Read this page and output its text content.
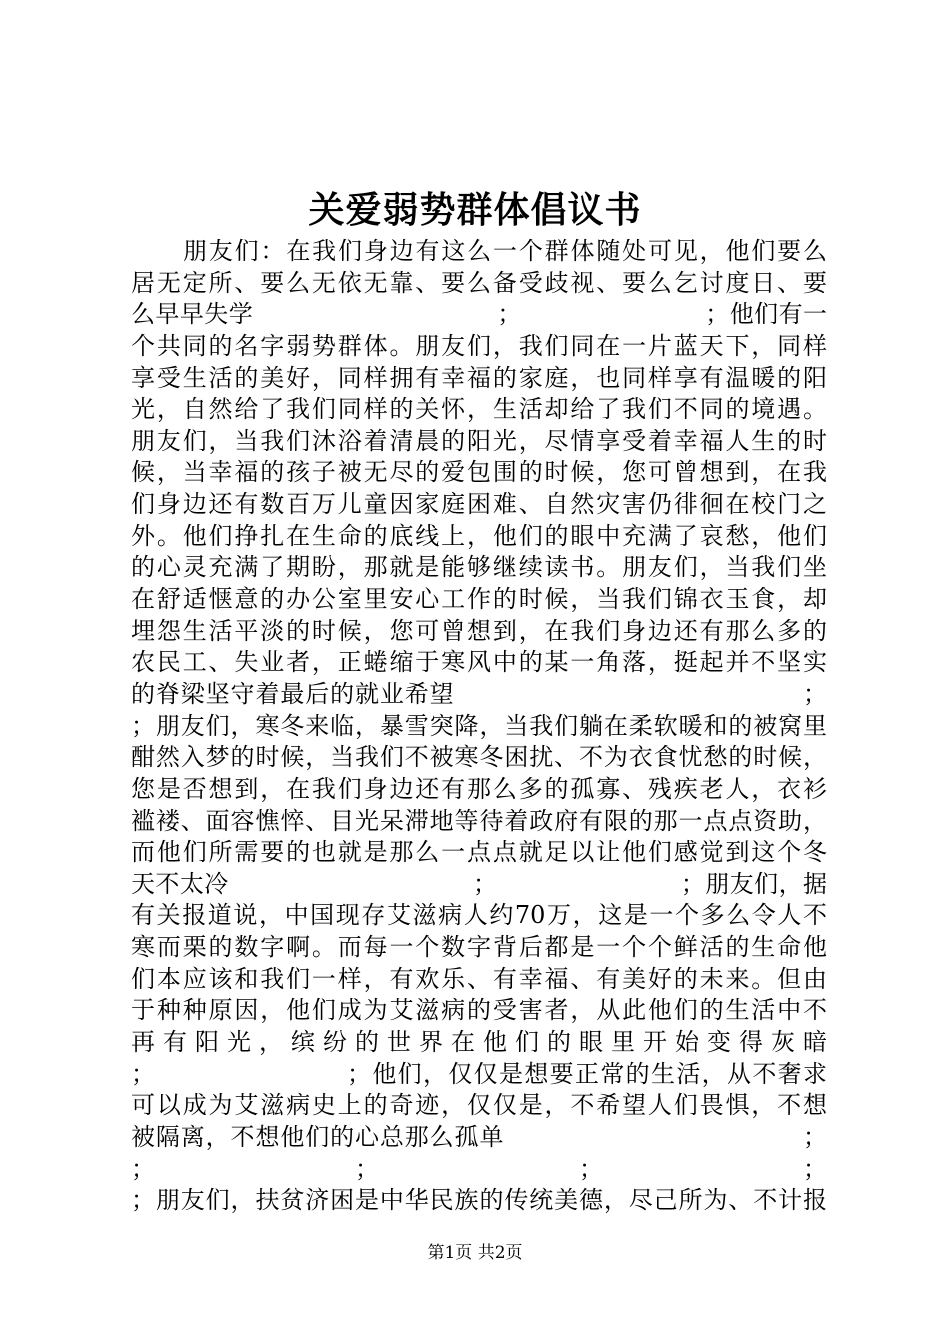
关爱弱势群体倡议书
朋友们：在我们身边有这么一个群体随处可见，他们要么
居无定所、要么无依无靠、要么备受歧视、要么乞讨度日、要
么早早失学　　　　　　　　　　；　　　　　　　　；他们有一
个共同的名字弱势群体。朋友们，我们同在一片蓝天下，同样
享受生活的美好，同样拥有幸福的家庭，也同样享有温暖的阳
光，自然给了我们同样的关怀，生活却给了我们不同的境遇。
朋友们，当我们沐浴着清晨的阳光，尽情享受着幸福人生的时
候，当幸福的孩子被无尽的爱包围的时候，您可曾想到，在我
们身边还有数百万儿童因家庭困难、自然灾害仍徘徊在校门之
外。他们挣扎在生命的底线上，他们的眼中充满了哀愁，他们
的心灵充满了期盼，那就是能够继续读书。朋友们，当我们坐
在舒适惬意的办公室里安心工作的时候，当我们锦衣玉食，却
埋怨生活平淡的时候，您可曾想到，在我们身边还有那么多的
农民工、失业者，正蜷缩于寒风中的某一角落，挺起并不坚实
的脊梁坚守着最后的就业希望　　　　　　　　　　　　　　；
；朋友们，寒冬来临，暴雪突降，当我们躺在柔软暖和的被窝里
酣然入梦的时候，当我们不被寒冬困扰、不为衣食忧愁的时候，
您是否想到，在我们身边还有那么多的孤寡、残疾老人，衣衫
褴褛、面容憔悴、目光呆滞地等待着政府有限的那一点点资助，
而他们所需要的也就是那么一点点就足以让他们感觉到这个冬
天不太冷　　　　　　　　　　；　　　　　　　　；朋友们，据
有关报道说，中国现存艾滋病人约70万，这是一个多么令人不
寒而栗的数字啊。而每一个数字背后都是一个个鲜活的生命他
们本应该和我们一样，有欢乐、有幸福、有美好的未来。但由
于种种原因，他们成为艾滋病的受害者，从此他们的生活中不
再有阳光，缤纷的世界在他们的眼里开始变得灰暗
；　　　　　　　　；他们，仅仅是想要正常的生活，从不奢求
可以成为艾滋病史上的奇迹，仅仅是，不希望人们畏惧，不想
被隔离，不想他们的心总那么孤单　　　　　　　　　　　　；
；　　　　　　　　；　　　　　　　　；　　　　　　　　；
；朋友们，扶贫济困是中华民族的传统美德，尽己所为、不计报
第1页 共2页
